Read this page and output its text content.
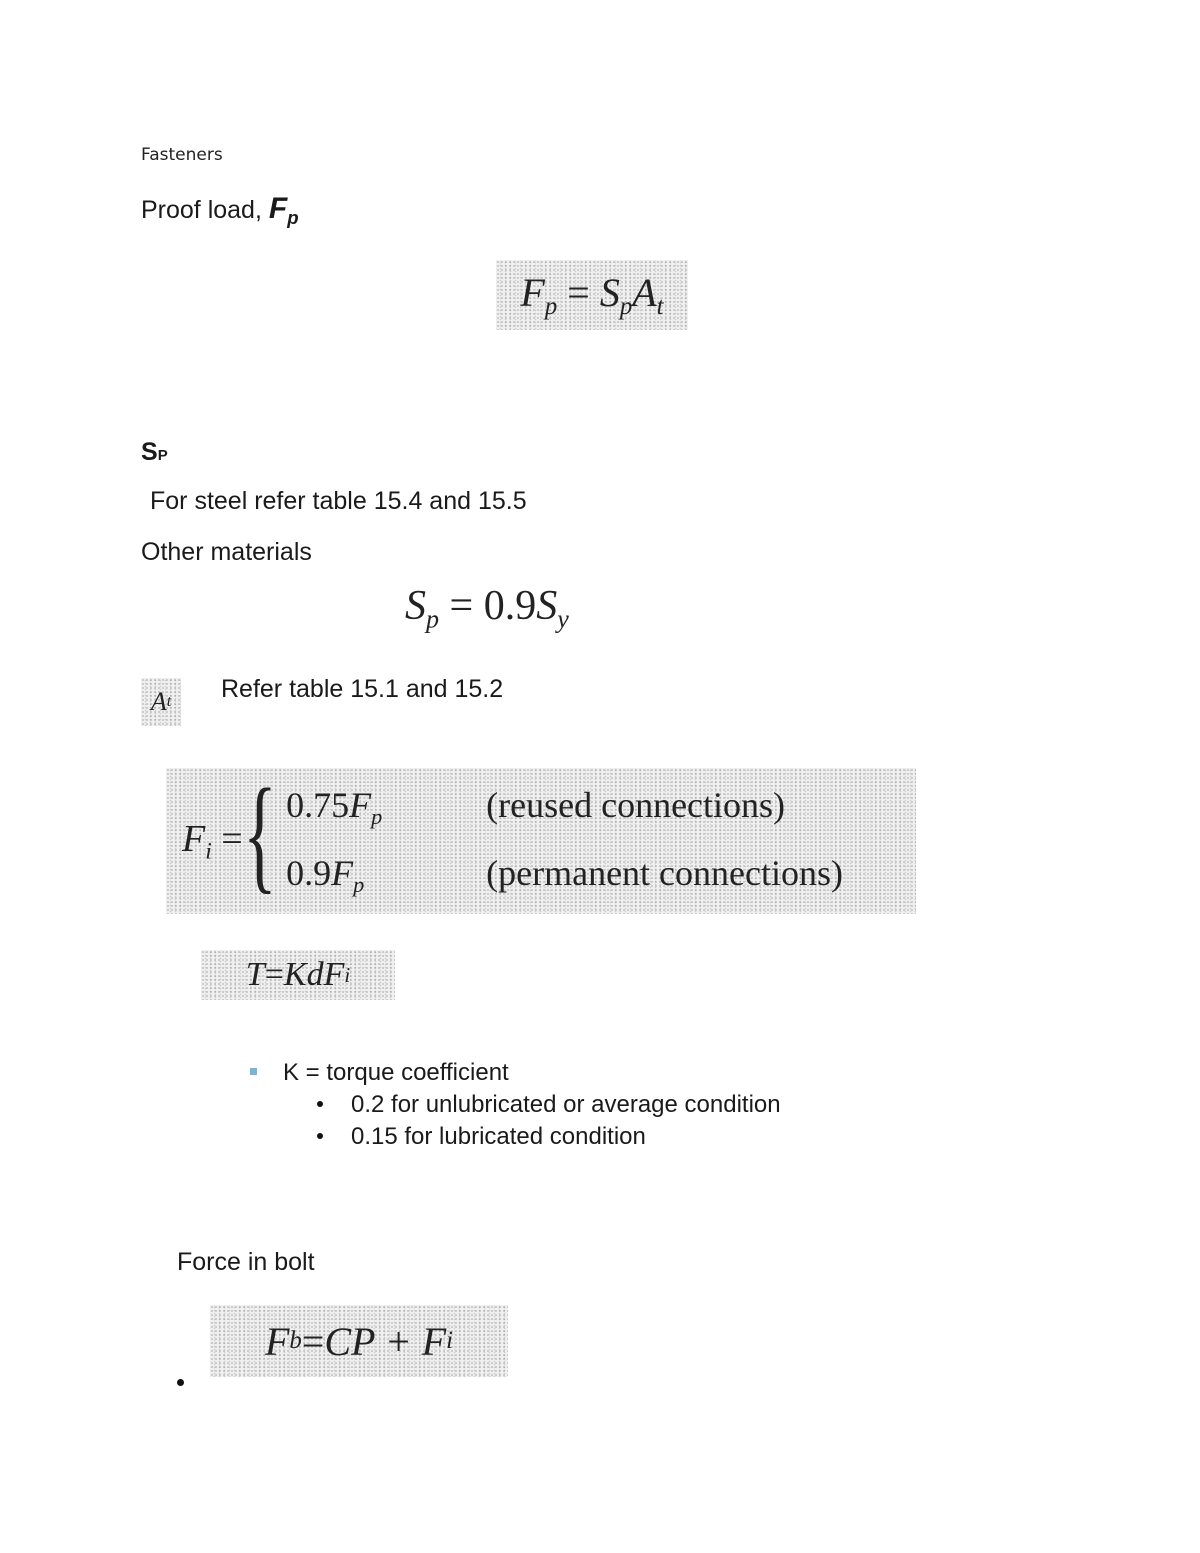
Fasteners
Proof load, $F_p$
$F_p = S_pA_t$
SP
For steel refer table 15.4 and 15.5
Other materials
$S_p = 0.9S_y$
A t Refer table 15.1 and 15.2
$F_i$ = { $0.75F_p$	(reused connections)
$0.9F_p$	(permanent connections)
T = KdF i
K = torque coefficient
0.2 for unlubricated or average condition
0.15 for lubricated condition
Force in bolt
F b = CP + F i
